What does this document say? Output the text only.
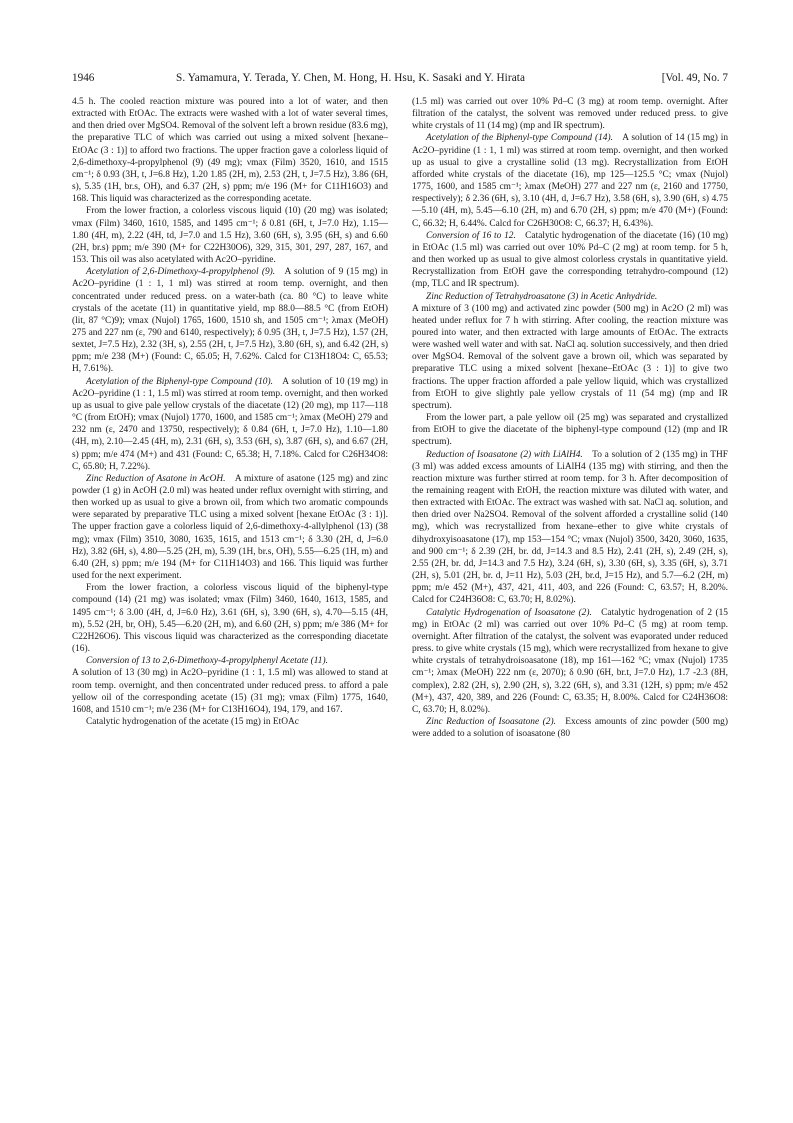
1946	S. Yamamura, Y. Terada, Y. Chen, M. Hong, H. Hsu, K. Sasaki and Y. Hirata	[Vol. 49, No. 7

4.5 h. The cooled reaction mixture was poured into a lot of water, and then extracted with EtOAc. The extracts were washed with a lot of water several times, and then dried over MgSO4. Removal of the solvent left a brown residue (83.6 mg), the preparative TLC of which was carried out using a mixed solvent [hexane–EtOAc (3 : 1)] to afford two fractions. The upper fraction gave a colorless liquid of 2,6-dimethoxy-4-propylphenol (9) (49 mg); νmax (Film) 3520, 1610, and 1515 cm⁻¹; δ 0.93 (3H, t, J=6.8 Hz), 1.20 1.85 (2H, m), 2.53 (2H, t, J=7.5 Hz), 3.86 (6H, s), 5.35 (1H, br.s, OH), and 6.37 (2H, s) ppm; m/e 196 (M+ for C11H16O3) and 168. This liquid was characterized as the corresponding acetate.

From the lower fraction, a colorless viscous liquid (10) (20 mg) was isolated; νmax (Film) 3460, 1610, 1585, and 1495 cm⁻¹; δ 0.81 (6H, t, J=7.0 Hz), 1.15—1.80 (4H, m), 2.22 (4H, td, J=7.0 and 1.5 Hz), 3.60 (6H, s), 3.95 (6H, s) and 6.60 (2H, br.s) ppm; m/e 390 (M+ for C22H30O6), 329, 315, 301, 297, 287, 167, and 153. This oil was also acetylated with Ac2O–pyridine.

Acetylation of 2,6-Dimethoxy-4-propylphenol (9).  A solution of 9 (15 mg) in Ac2O–pyridine (1 : 1, 1 ml) was stirred at room temp. overnight, and then concentrated under reduced press. on a water-bath (ca. 80 °C) to leave white crystals of the acetate (11) in quantitative yield, mp 88.0—88.5 °C (from EtOH) (lit, 87 °C)9); νmax (Nujol) 1765, 1600, 1510 sh, and 1505 cm⁻¹; λmax (MeOH) 275 and 227 nm (ε, 790 and 6140, respectively); δ 0.95 (3H, t, J=7.5 Hz), 1.57 (2H, sextet, J=7.5 Hz), 2.32 (3H, s), 2.55 (2H, t, J=7.5 Hz), 3.80 (6H, s), and 6.42 (2H, s) ppm; m/e 238 (M+) (Found: C, 65.05; H, 7.62%. Calcd for C13H18O4: C, 65.53; H, 7.61%).

Acetylation of the Biphenyl-type Compound (10).  A solution of 10 (19 mg) in Ac2O–pyridine (1 : 1, 1.5 ml) was stirred at room temp. overnight, and then worked up as usual to give pale yellow crystals of the diacetate (12) (20 mg), mp 117—118 °C (from EtOH); νmax (Nujol) 1770, 1600, and 1585 cm⁻¹; λmax (MeOH) 279 and 232 nm (ε, 2470 and 13750, respectively); δ 0.84 (6H, t, J=7.0 Hz), 1.10—1.80 (4H, m), 2.10—2.45 (4H, m), 2.31 (6H, s), 3.53 (6H, s), 3.87 (6H, s), and 6.67 (2H, s) ppm; m/e 474 (M+) and 431 (Found: C, 65.38; H, 7.18%. Calcd for C26H34O8: C, 65.80; H, 7.22%).

Zinc Reduction of Asatone in AcOH.  A mixture of asatone (125 mg) and zinc powder (1 g) in AcOH (2.0 ml) was heated under reflux overnight with stirring, and then worked up as usual to give a brown oil, from which two aromatic compounds were separated by preparative TLC using a mixed solvent [hexane EtOAc (3 : 1)]. The upper fraction gave a colorless liquid of 2,6-dimethoxy-4-allylphenol (13) (38 mg); νmax (Film) 3510, 3080, 1635, 1615, and 1513 cm⁻¹; δ 3.30 (2H, d, J=6.0 Hz), 3.82 (6H, s), 4.80—5.25 (2H, m), 5.39 (1H, br.s, OH), 5.55—6.25 (1H, m) and 6.40 (2H, s) ppm; m/e 194 (M+ for C11H14O3) and 166. This liquid was further used for the next experiment.

From the lower fraction, a colorless viscous liquid of the biphenyl-type compound (14) (21 mg) was isolated; νmax (Film) 3460, 1640, 1613, 1585, and 1495 cm⁻¹; δ 3.00 (4H, d, J=6.0 Hz), 3.61 (6H, s), 3.90 (6H, s), 4.70—5.15 (4H, m), 5.52 (2H, br, OH), 5.45—6.20 (2H, m), and 6.60 (2H, s) ppm; m/e 386 (M+ for C22H26O6). This viscous liquid was characterized as the corresponding diacetate (16).

Conversion of 13 to 2,6-Dimethoxy-4-propylphenyl Acetate (11).

A solution of 13 (30 mg) in Ac2O–pyridine (1 : 1, 1.5 ml) was allowed to stand at room temp. overnight, and then concentrated under reduced press. to afford a pale yellow oil of the corresponding acetate (15) (31 mg); νmax (Film) 1775, 1640, 1608, and 1510 cm⁻¹; m/e 236 (M+ for C13H16O4), 194, 179, and 167.

Catalytic hydrogenation of the acetate (15 mg) in EtOAc

(1.5 ml) was carried out over 10% Pd–C (3 mg) at room temp. overnight. After filtration of the catalyst, the solvent was removed under reduced press. to give white crystals of 11 (14 mg) (mp and IR spectrum).

Acetylation of the Biphenyl-type Compound (14).  A solution of 14 (15 mg) in Ac2O–pyridine (1 : 1, 1 ml) was stirred at room temp. overnight, and then worked up as usual to give a crystalline solid (13 mg). Recrystallization from EtOH afforded white crystals of the diacetate (16), mp 125—125.5 °C; νmax (Nujol) 1775, 1600, and 1585 cm⁻¹; λmax (MeOH) 277 and 227 nm (ε, 2160 and 17750, respectively); δ 2.36 (6H, s), 3.10 (4H, d, J=6.7 Hz), 3.58 (6H, s), 3.90 (6H, s) 4.75—5.10 (4H, m), 5.45—6.10 (2H, m) and 6.70 (2H, s) ppm; m/e 470 (M+) (Found: C, 66.32; H, 6.44%. Calcd for C26H30O8: C, 66.37; H, 6.43%).

Conversion of 16 to 12.  Catalytic hydrogenation of the diacetate (16) (10 mg) in EtOAc (1.5 ml) was carried out over 10% Pd–C (2 mg) at room temp. for 5 h, and then worked up as usual to give almost colorless crystals in quantitative yield. Recrystallization from EtOH gave the corresponding tetrahydro-compound (12) (mp, TLC and IR spectrum).

Zinc Reduction of Tetrahydroasatone (3) in Acetic Anhydride.

A mixture of 3 (100 mg) and activated zinc powder (500 mg) in Ac2O (2 ml) was heated under reflux for 7 h with stirring. After cooling, the reaction mixture was poured into water, and then extracted with large amounts of EtOAc. The extracts were washed well water and with sat. NaCl aq. solution successively, and then dried over MgSO4. Removal of the solvent gave a brown oil, which was separated by preparative TLC using a mixed solvent [hexane–EtOAc (3 : 1)] to give two fractions. The upper fraction afforded a pale yellow liquid, which was crystallized from EtOH to give slightly pale yellow crystals of 11 (54 mg) (mp and IR spectrum).

From the lower part, a pale yellow oil (25 mg) was separated and crystallized from EtOH to give the diacetate of the biphenyl-type compound (12) (mp and IR spectrum).

Reduction of Isoasatone (2) with LiAlH4.  To a solution of 2 (135 mg) in THF (3 ml) was added excess amounts of LiAlH4 (135 mg) with stirring, and then the reaction mixture was further stirred at room temp. for 3 h. After decomposition of the remaining reagent with EtOH, the reaction mixture was diluted with water, and then extracted with EtOAc. The extract was washed with sat. NaCl aq. solution, and then dried over Na2SO4. Removal of the solvent afforded a crystalline solid (140 mg), which was recrystallized from hexane–ether to give white crystals of dihydroxyisoasatone (17), mp 153—154 °C; νmax (Nujol) 3500, 3420, 3060, 1635, and 900 cm⁻¹; δ 2.39 (2H, br. dd, J=14.3 and 8.5 Hz), 2.41 (2H, s), 2.49 (2H, s), 2.55 (2H, br. dd, J=14.3 and 7.5 Hz), 3.24 (6H, s), 3.30 (6H, s), 3.35 (6H, s), 3.71 (2H, s), 5.01 (2H, br. d, J=11 Hz), 5.03 (2H, br.d, J=15 Hz), and 5.7—6.2 (2H, m) ppm; m/e 452 (M+), 437, 421, 411, 403, and 226 (Found: C, 63.57; H, 8.20%. Calcd for C24H36O8: C, 63.70; H, 8.02%).

Catalytic Hydrogenation of Isoasatone (2).  Catalytic hydrogenation of 2 (15 mg) in EtOAc (2 ml) was carried out over 10% Pd–C (5 mg) at room temp. overnight. After filtration of the catalyst, the solvent was evaporated under reduced press. to give white crystals (15 mg), which were recrystallized from hexane to give white crystals of tetrahydroisoasatone (18), mp 161—162 °C; νmax (Nujol) 1735 cm⁻¹; λmax (MeOH) 222 nm (ε, 2070); δ 0.90 (6H, br.t, J=7.0 Hz), 1.7 -2.3 (8H, complex), 2.82 (2H, s), 2.90 (2H, s), 3.22 (6H, s), and 3.31 (12H, s) ppm; m/e 452 (M+), 437, 420, 389, and 226 (Found: C, 63.35; H, 8.00%. Calcd for C24H36O8: C, 63.70; H, 8.02%).

Zinc Reduction of Isoasatone (2).  Excess amounts of zinc powder (500 mg) were added to a solution of isoasatone (80
